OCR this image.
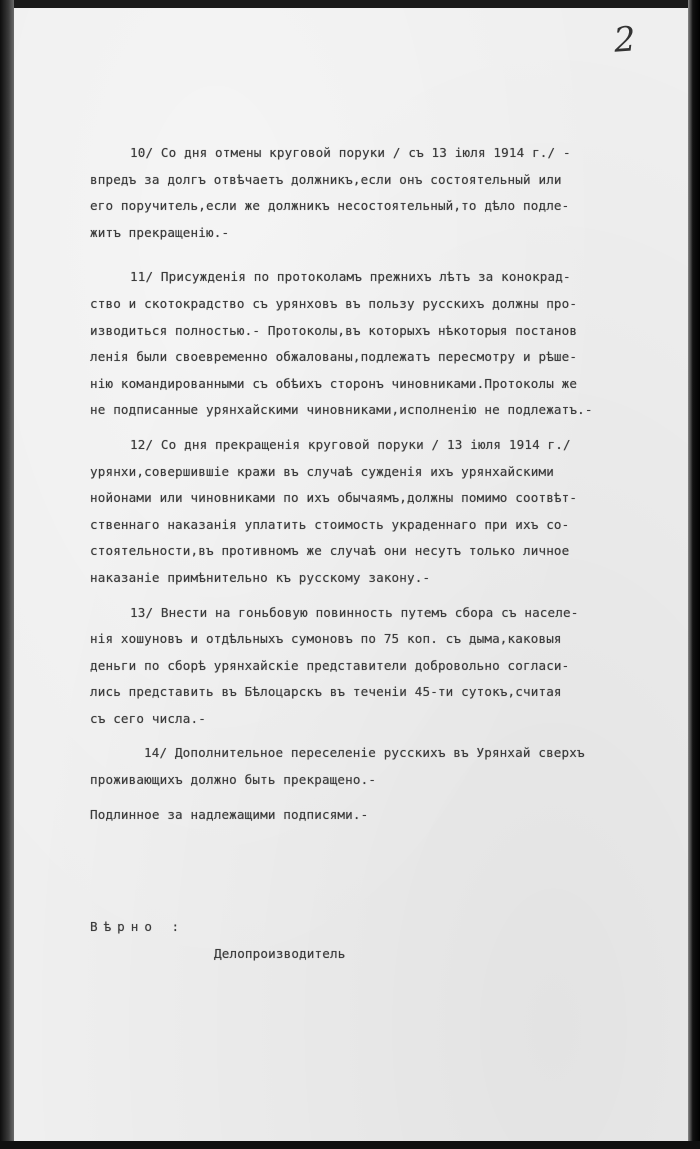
2
10/ Со дня отмены круговой поруки / съ 13 iюля 1914 г./ -
впредъ за долгъ отвѣчаетъ должникъ,если онъ состоятельный или
его поручитель,если же должникъ несостоятельный,то дѣло подле-
житъ прекращенiю.-
11/ Присужденiя по протоколамъ прежнихъ лѣтъ за конокрад-
ство и скотокрадство съ урянховъ въ пользу русскихъ должны про-
изводиться полностью.- Протоколы,въ которыхъ нѣкоторыя постанов
ленiя были своевременно обжалованы,подлежатъ пересмотру и рѣше-
нiю командированными съ обѣихъ сторонъ чиновниками.Протоколы же
не подписанные урянхайскими чиновниками,исполненiю не подлежатъ.-
12/ Со дня прекращенiя круговой поруки / 13 iюля 1914 г./
урянхи,совершившiе кражи въ случаѣ сужденiя ихъ урянхайскими
нойонами или чиновниками по ихъ обычаямъ,должны помимо соотвѣт-
ственнаго наказанiя уплатить стоимость украденнаго при ихъ со-
стоятельности,въ противномъ же случаѣ они несутъ только личное
наказанiе примѣнительно къ русскому закону.-
13/ Внести на гоньбовую повинность путемъ сбора съ населе-
нiя хошуновъ и отдѣльныхъ сумоновъ по 75 коп. съ дыма,каковыя
деньги по сборѣ урянхайскiе представители добровольно согласи-
лись представить въ Бѣлоцарскъ въ теченiи 45-ти сутокъ,считая
съ сего числа.-
14/ Дополнительное переселенiе русскихъ въ Урянхай сверхъ
проживающихъ должно быть прекращено.-
Подлинное за надлежащими подписями.-
Вѣрно :
Делопроизводитель
